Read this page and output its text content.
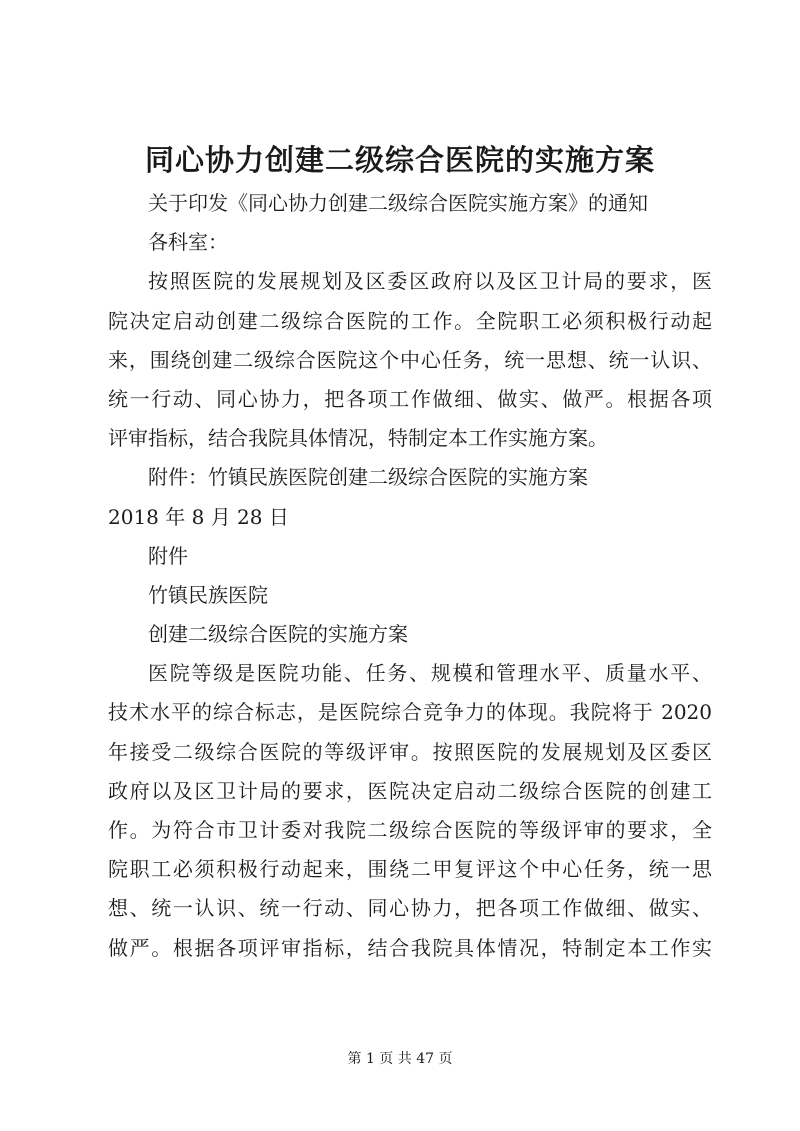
同心协力创建二级综合医院的实施方案
关于印发《同心协力创建二级综合医院实施方案》的通知
各科室：
按照医院的发展规划及区委区政府以及区卫计局的要求，医
院决定启动创建二级综合医院的工作。全院职工必须积极行动起
来，围绕创建二级综合医院这个中心任务，统一思想、统一认识、
统一行动、同心协力，把各项工作做细、做实、做严。根据各项
评审指标，结合我院具体情况，特制定本工作实施方案。
附件：竹镇民族医院创建二级综合医院的实施方案
2018 年 8 月 28 日
附件
竹镇民族医院
创建二级综合医院的实施方案
医院等级是医院功能、任务、规模和管理水平、质量水平、
技术水平的综合标志，是医院综合竞争力的体现。我院将于 2020
年接受二级综合医院的等级评审。按照医院的发展规划及区委区
政府以及区卫计局的要求，医院决定启动二级综合医院的创建工
作。为符合市卫计委对我院二级综合医院的等级评审的要求，全
院职工必须积极行动起来，围绕二甲复评这个中心任务，统一思
想、统一认识、统一行动、同心协力，把各项工作做细、做实、
做严。根据各项评审指标，结合我院具体情况，特制定本工作实
第 1 页 共 47 页
